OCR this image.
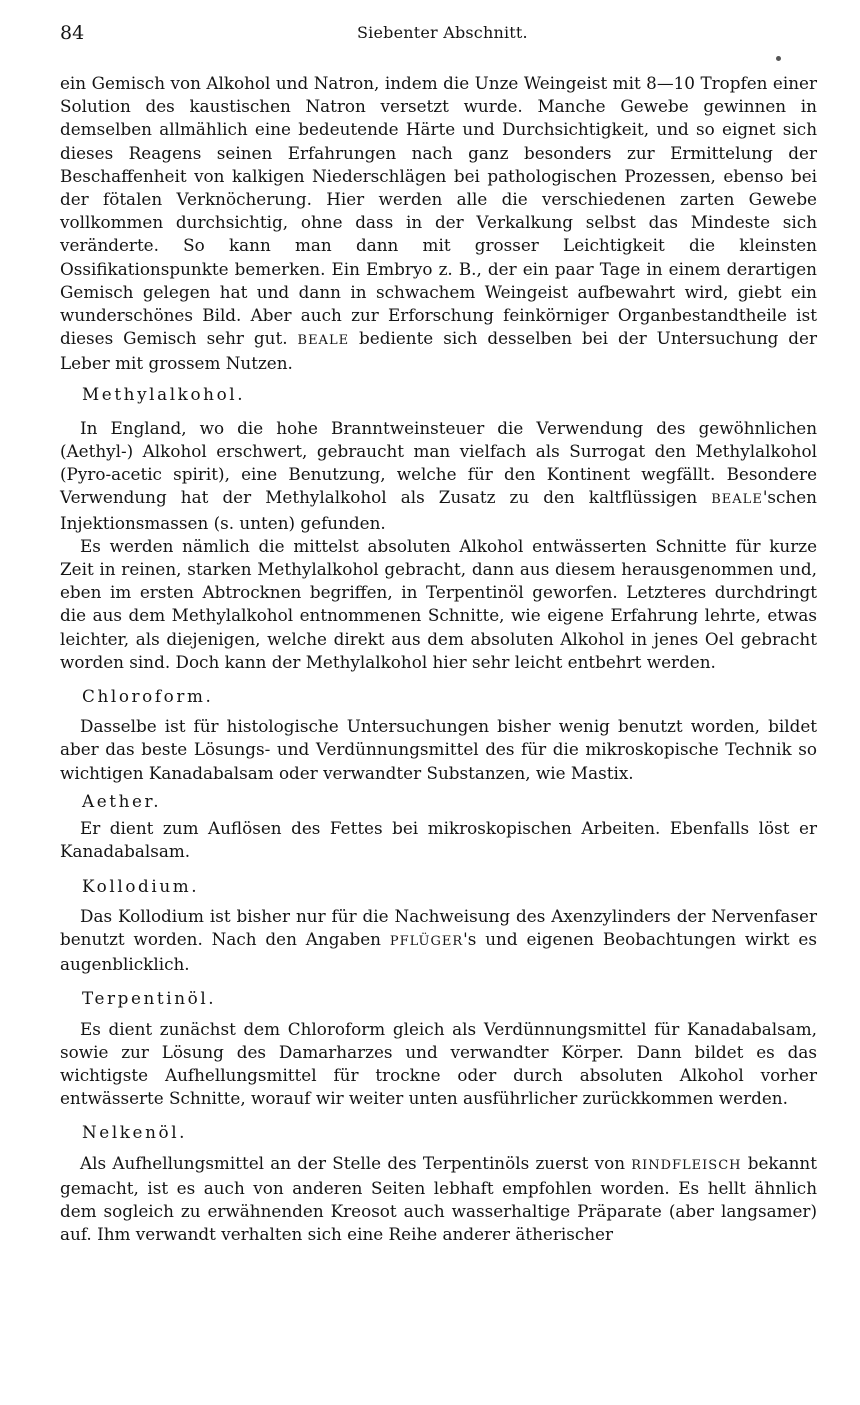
84	Siebenter Abschnitt.

ein Gemisch von Alkohol und Natron, indem die Unze Weingeist mit 8—10 Tropfen einer Solution des kaustischen Natron versetzt wurde. Manche Gewebe gewinnen in demselben allmählich eine bedeutende Härte und Durchsichtigkeit, und so eignet sich dieses Reagens seinen Erfahrungen nach ganz besonders zur Ermittelung der Beschaffenheit von kalkigen Niederschlägen bei pathologischen Prozessen, ebenso bei der fötalen Verknöcherung. Hier werden alle die verschiedenen zarten Gewebe vollkommen durchsichtig, ohne dass in der Verkalkung selbst das Mindeste sich veränderte. So kann man dann mit grosser Leichtigkeit die kleinsten Ossifikationspunkte bemerken. Ein Embryo z. B., der ein paar Tage in einem derartigen Gemisch gelegen hat und dann in schwachem Weingeist aufbewahrt wird, giebt ein wunderschönes Bild. Aber auch zur Erforschung feinkörniger Organbestandtheile ist dieses Gemisch sehr gut. BEALE bediente sich desselben bei der Untersuchung der Leber mit grossem Nutzen.

Methylalkohol.

In England, wo die hohe Branntweinsteuer die Verwendung des gewöhnlichen (Aethyl-) Alkohol erschwert, gebraucht man vielfach als Surrogat den Methylalkohol (Pyro-acetic spirit), eine Benutzung, welche für den Kontinent wegfällt. Besondere Verwendung hat der Methylalkohol als Zusatz zu den kaltflüssigen BEALE'schen Injektionsmassen (s. unten) gefunden.

Es werden nämlich die mittelst absoluten Alkohol entwässerten Schnitte für kurze Zeit in reinen, starken Methylalkohol gebracht, dann aus diesem herausgenommen und, eben im ersten Abtrocknen begriffen, in Terpentinöl geworfen. Letzteres durchdringt die aus dem Methylalkohol entnommenen Schnitte, wie eigene Erfahrung lehrte, etwas leichter, als diejenigen, welche direkt aus dem absoluten Alkohol in jenes Oel gebracht worden sind. Doch kann der Methylalkohol hier sehr leicht entbehrt werden.

Chloroform.

Dasselbe ist für histologische Untersuchungen bisher wenig benutzt worden, bildet aber das beste Lösungs- und Verdünnungsmittel des für die mikroskopische Technik so wichtigen Kanadabalsam oder verwandter Substanzen, wie Mastix.

Aether.

Er dient zum Auflösen des Fettes bei mikroskopischen Arbeiten. Ebenfalls löst er Kanadabalsam.

Kollodium.

Das Kollodium ist bisher nur für die Nachweisung des Axenzylinders der Nervenfaser benutzt worden. Nach den Angaben PFLÜGER's und eigenen Beobachtungen wirkt es augenblicklich.

Terpentinöl.

Es dient zunächst dem Chloroform gleich als Verdünnungsmittel für Kanadabalsam, sowie zur Lösung des Damarharzes und verwandter Körper. Dann bildet es das wichtigste Aufhellungsmittel für trockne oder durch absoluten Alkohol vorher entwässerte Schnitte, worauf wir weiter unten ausführlicher zurückkommen werden.

Nelkenöl.

Als Aufhellungsmittel an der Stelle des Terpentinöls zuerst von RINDFLEISCH bekannt gemacht, ist es auch von anderen Seiten lebhaft empfohlen worden. Es hellt ähnlich dem sogleich zu erwähnenden Kreosot auch wasserhaltige Präparate (aber langsamer) auf. Ihm verwandt verhalten sich eine Reihe anderer ätherischer
